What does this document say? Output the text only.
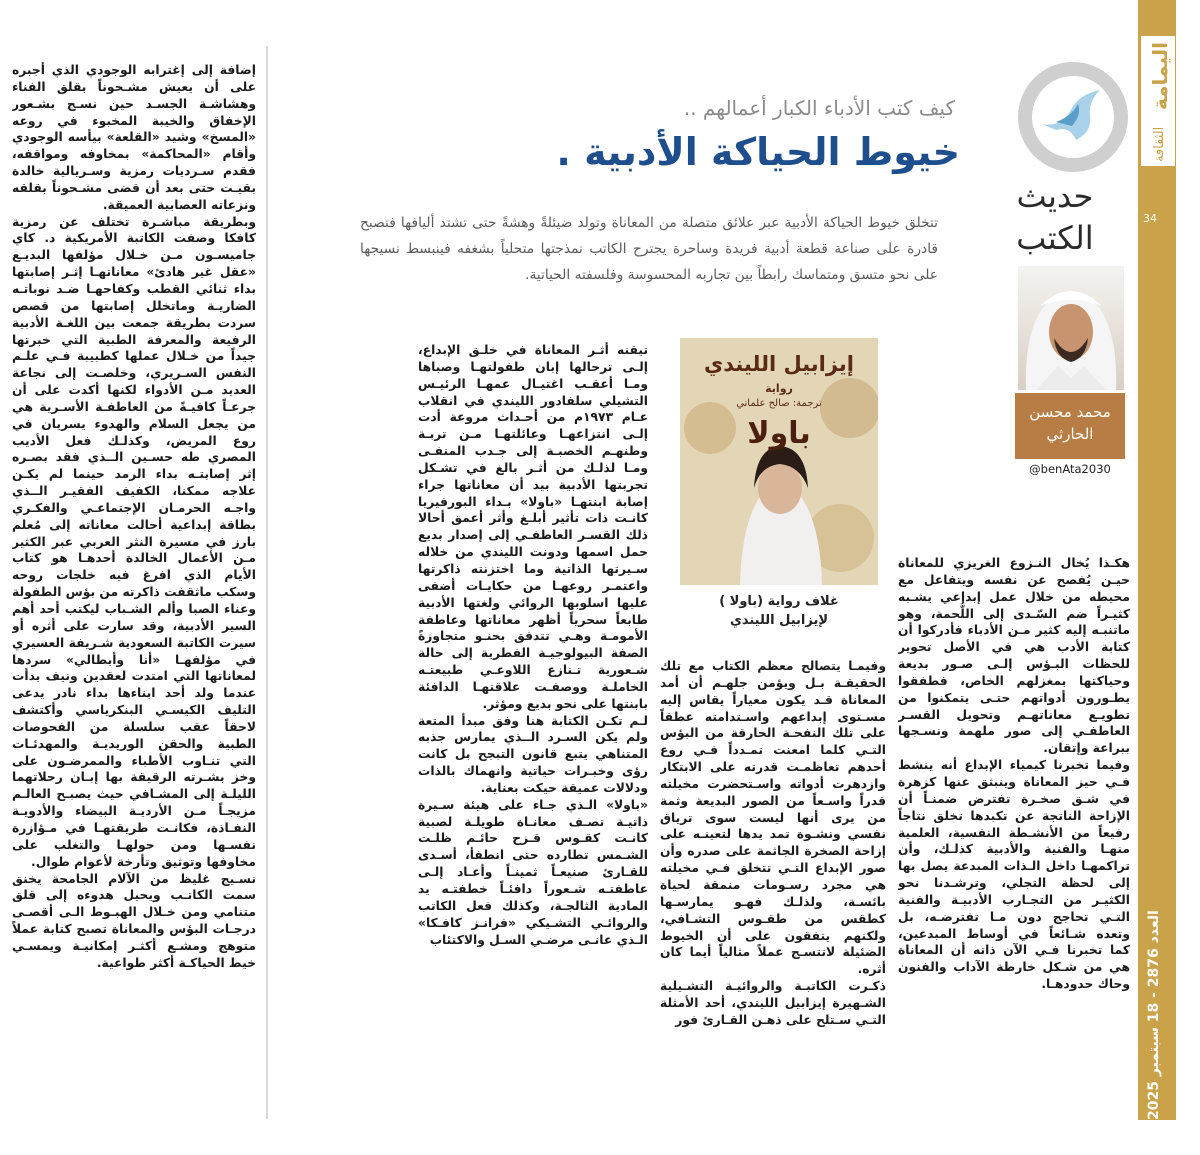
اليمامة
الثقافة
34
العدد 2876 - 18 سبتمبر 2025
حديث
الكتب
محمد محسن
الحارثي
@benAta2030
كيف كتب الأدباء الكبار أعمالهم ..
خيوط الحياكة الأدبية .
تتخلق خيوط الحياكة الأدبية عبر علائق متصلة من المعاناة وتولد ضيئلةً وهشةً حتى تشتد أليافها فتصبح قادرة على صناعة قطعة أدبية فريدة وساحرة يجترح الكاتب نمذجتها متحلياً بشغفه فينبسط نسيجها على نحو متسق ومتماسك رابطاً بين تجاربه المحسوسة وفلسفته الحياتية.
إيزابيل الليندي
رواية
ترجمة: صالح علماني
باولا
غلاف رواية (باولا )
لإيزابيل الليندي

هكـذا يُخال النـزوع الغريزي للمعاناة حيـن يُفصح عن نفسه ويتفاعل مع محيطه من خلال عمل إبداعي يشـبه كثيـراً ضم السّـدى إلى اللُّحمة، وهو ماتنبـه إليه كثير مـن الأدباء فأدركوا أن كتابة الأدب هي في الأصل تحوير للحظات البـؤس إلـى صـور بديعة وحياكتها بمغزلهم الخاص، فطفقوا يطـورون أدواتهم حتـى يتمكنوا من تطويـع معاناتهـم وتحويل القسـر العاطفـي إلى صور ملهمة ونسـجها ببراعة وإتقان.

وفيما تخبرنا كيمياء الإبداع أنه ينشط فـي حيز المعاناة وينبثق عنها كزهرة في شـق صخـرة تفترض ضمنـاً أن الإزاحة الناتجة عن تكبدها تخلق نتاجاً رفيعاً من الأنشـطة النفسية، العلمية منهـا والفنية والأدبية كذلـك، وأن تراكمهـا داخل الـذات المبدعة يصل بها إلى لحظة التجلي، وترشـدنا نحو الكثيـر من التجـارب الأدبيـة والفنية التـي تحاجج دون مـا تفترضـه، بل وتعده شـائعاً في أوساط المبدعين، كما تخبرنا فـي الآن ذاته أن المعاناة هي من شـكل خارطة الآداب والفنون وحاك حدودهـا.

وفيمـا يتصالح معظم الكتاب مع تلك الحقيقـة بـل ويؤمن جلهـم أن أمد المعاناة قـد يكون معياراً يقاس إليه مسـتوى إبداعهم واسـتدامته عطفاً على تلك النفحـة الحارقة من البؤس التـي كلما امعنت تمـدداً فـي روع أحدهم تعاظمـت قدرته على الابتكار وازدهرت أدواته واسـتحضرت مخيلته قدراً واسـعاً من الصور البديعة وثمة من يرى أنها ليست سوى ترياق نفسي ونشـوة تمد يدها لتعينـه على إزاحة الصخرة الجاثمة على صدره وأن صور الإبداع التـي تتخلق فـي مخيلته هي مجرد رسـومات منمقة لحياة بائسـة، ولذلـك فهـو يمارسـها كطقس من طقـوس التشـافي، ولكنهم يتفقون على أن الخيوط الضئيلة لاتتسـج عملاً مثالياً أيما كان أثره.

ذكـرت الكاتبـة والروائيـة التشـيلية الشـهيرة إيزابيل الليندي، أحد الأمثلة التـي سـتلح على ذهـن القـارئ فور

تيقنه أثـر المعاناة في خلـق الإبداع، إلـى ترحالها إبان طفولتهـا وصباها ومـا أعقـب اغتيـال عمهـا الرئيـس التشيلي سلفادور الليندي في انقلاب عـام ١٩٧٣م من أحـداث مروعة أدت إلـى انتزاعهـا وعائلتهـا مـن تربـة وطنهـم الخصبـة إلى جـدب المنفـى ومـا لذلـك من أثـر بالغ في تشـكل تجربتها الأدبية بيد أن معاناتها جراء إصابة ابنتهـا «باولا» بـداء البورفيريا كانـت ذات تأثير أبلـغ وأثر أعمق أحالا ذلك القسـر العاطفـي إلى إصدار بديع حمل اسمها ودونت الليندي من خلاله سـيرتها الذاتية وما اختزنته ذاكرتها واعتمـر روعهـا من حكايـات أضفى عليها اسلوبها الروائي ولغتها الأدبية طابعاً سحرياً أظهر معاناتها وعاطفة الأمومـة وهـي تتدفق بحنـو متجاوزةً الصفة البيولوجيـة الفطرية إلى حالة شـعورية تـنازع اللاوعـي طبيعتـه الخاملـة ووصفـت علاقتهـا الدافئة بابنتها على نحو بديع ومؤثر.

لـم تكـن الكتابة هنا وفق مبدأ المتعة ولم يكن السـرد الــذي يمارس جذبه المتناهي يتبع قانون التبجح بل كانت رؤى وخبـرات حياتية وانهماك بالذات ودلالات عميقة حيكت بعناية.

«باولا» الـذي جـاء على هيئة سـيرة ذاتيـة تصـف معانـاة طويلـة لصبية كانـت كقـوس قـزح حائـم ظلـت الشـمس تطارده حتى انطفأ، أسـدى للقـارئ صنيعـاً ثمينـاً وأعـاد إلـى عاطفتـه شـعوراً دافئـاً خطفتـه يد المادية الثالجـة، وكذلك فعل الكاتب والروائـي التشـيكي «فرانـز كافـكا» الـذي عانـى مرضـي السـل والاكتئاب

إضافة إلى إغترابه الوجودي الذي أجبره على أن يعيش مشـحوناً بقلق الفناء وهشاشـة الجسـد حين نسـج بشـعور الإخفاق والخيبة المخبوء في روعه «المسخ» وشيد «القلعة» بيأسه الوجودي وأقام «المحاكمة» بمخاوفه ومواقفه، فقدم سـرديات رمزية وسـريالية خالدة بقيـت حتى بعد أن قضى مشـحوناً بقلقه ونزعاته العصابية العميقة.

وبطريقة مباشـرة تختلف عن رمزية كافكا وصفت الكاتبة الأمريكية د. كاي جاميسـون مـن خـلال مؤلفها البديـع «عقل غير هادئ» معاناتهـا إثـر إصابتها بداء ثنائي القطب وكفاحهـا ضـد نوباتـه الضاريـة وماتخلل إصابتها من قصص سردت بطريقة جمعت بين اللغـة الأدبية الرفيعة والمعرفة الطبية التي خبرتها جيداً من خـلال عملها كطبيبة فـي علـم النفس السـريري، وخلصـت إلى نجاعة العديد مـن الأدواء لكنها أكدت على أن جرعـاً كافيـةً من العاطفـة الأسـرية هي من يجعل السلام والهدوء يسريان في روع المريض، وكذلـك فعل الأديب المصري طه حسـين الــذي فقد بصـره إثر إصابتـه بداء الرمد حينما لم يكـن علاجه ممكنا، الكفيف الفقيـر الــذي واجـه الحرمـان الإجتماعـي والفكـري بطاقة إبداعية أحالت معاناته إلى مُعلم بارز في مسيرة النثر العربي عبر الكثير مـن الأعمال الخالدة أحدهـا هو كتاب الأيام الذي افرغ فيه خلجات روحه وسكب ماثقفت ذاكرته من بؤس الطفولة وعناء الصبا وألم الشـباب ليكتب أحد أهم السير الأدبية، وقد سارت على أثره أو سيرت الكاتبة السعودية شـريفة العسيري في مؤلفهـا «أنا وأبطالي» سردها لمعاناتها التي امتدت لعقدين ونيف بدأت عندما ولد أحد ابناءها بداء نادر يدعى التليف الكيسـي البنكرياسي وأكتشف لاحقاً عقب سلسلة من الفحوصات الطبية والحقن الوريديـة والمهدئـات التي تنـاوب الأطباء والممرضـون على وخز بشـرته الرقيقة بها إبـان رحلاتهما الليلـة إلى المشـافي حيث يصبـح العالـم مزيجـاً مـن الأرديـة البيضاء والأدويـة النفـاذة، فكانـت طريقتهـا في مـؤازرة نفسـها ومن حولهـا والتغلب على مخاوفها وتوثيق وتأرخة لأعوام طوال.

نسـيج غليظ من الآلام الجامحة يخنق سمت الكاتـب ويحيل هدوءه إلى قلق متنامي ومن خـلال الهبـوط الـى أقصـى درجـات البؤس والمعاناة تصبح كتابة عملاً متوهج ومشـع أكثـر إمكانيـة ويمسـي خيط الحياكـة أكثر طواعية.
